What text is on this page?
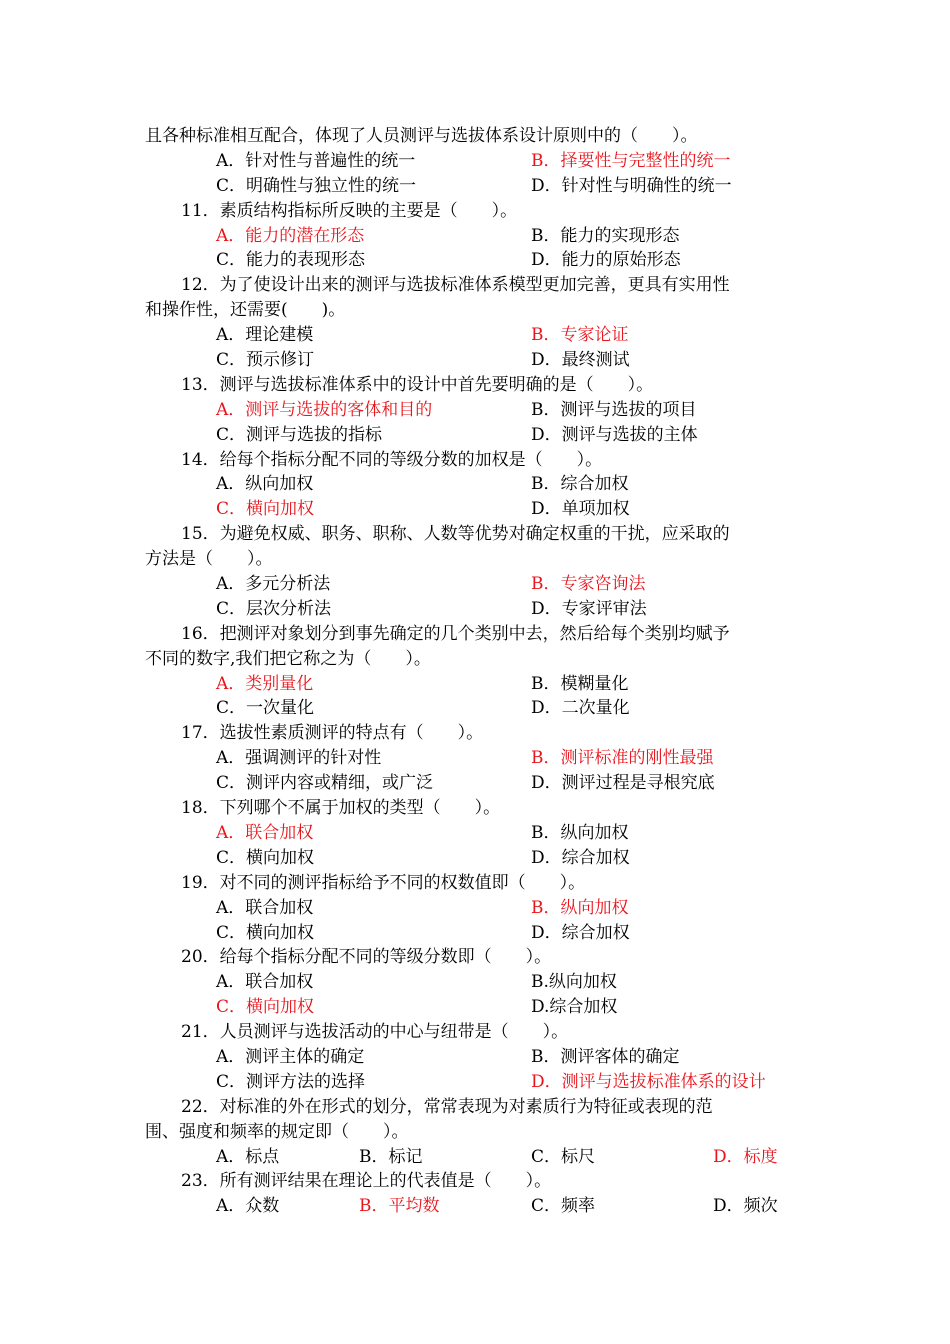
且各种标准相互配合，体现了人员测评与选拔体系设计原则中的（　　）。
A．针对性与普遍性的统一	B．择要性与完整性的统一
C．明确性与独立性的统一	D．针对性与明确性的统一
11．素质结构指标所反映的主要是（　　）。
A．能力的潜在形态	B．能力的实现形态
C．能力的表现形态	D．能力的原始形态
12．为了使设计出来的测评与选拔标准体系模型更加完善，更具有实用性
和操作性，还需要(　　)。
A．理论建模	B．专家论证
C．预示修订	D．最终测试
13．测评与选拔标准体系中的设计中首先要明确的是（　　）。
A．测评与选拔的客体和目的	B．测评与选拔的项目
C．测评与选拔的指标	D．测评与选拔的主体
14．给每个指标分配不同的等级分数的加权是（　　）。
A．纵向加权	B．综合加权
C．横向加权	D．单项加权
15．为避免权威、职务、职称、人数等优势对确定权重的干扰，应采取的
方法是（　　）。
A．多元分析法	B．专家咨询法
C．层次分析法	D．专家评审法
16．把测评对象划分到事先确定的几个类别中去，然后给每个类别均赋予
不同的数字,我们把它称之为（　　）。
A．类别量化	B．模糊量化
C．一次量化	D．二次量化
17．选拔性素质测评的特点有（　　）。
A．强调测评的针对性	B．测评标准的刚性最强
C．测评内容或精细，或广泛	D．测评过程是寻根究底
18．下列哪个不属于加权的类型（　　）。
A．联合加权	B．纵向加权
C．横向加权	D．综合加权
19．对不同的测评指标给予不同的权数值即（　　）。
A．联合加权	B．纵向加权
C．横向加权	D．综合加权
20．给每个指标分配不同的等级分数即（　　）。
A．联合加权	B.纵向加权
C．横向加权	D.综合加权
21．人员测评与选拔活动的中心与纽带是（　　）。
A．测评主体的确定	B．测评客体的确定
C．测评方法的选择	D．测评与选拔标准体系的设计
22．对标准的外在形式的划分，常常表现为对素质行为特征或表现的范
围、强度和频率的规定即（　　）。
A．标点	B．标记	C．标尺	D．标度
23．所有测评结果在理论上的代表值是（　　）。
A．众数	B．平均数	C．频率	D．频次
